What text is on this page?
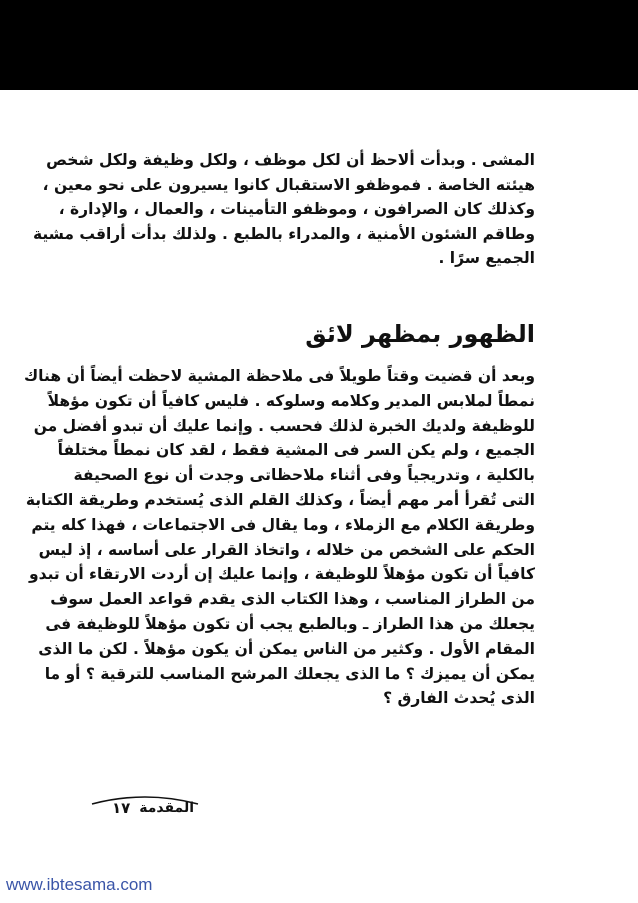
المشى . وبدأت ألاحظ أن لكل موظف ، ولكل وظيفة ولكل شخص
هيئته الخاصة . فموظفو الاستقبال كانوا يسيرون على نحو معين ،
وكذلك كان الصرافون ، وموظفو التأمينات ، والعمال ، والإدارة ،
وطاقم الشئون الأمنية ، والمدراء بالطبع . ولذلك بدأت أراقب مشية
الجميع سرًا .
الظهور بمظهر لائق
وبعد أن قضيت وقتاً طويلاً فى ملاحظة المشية لاحظت أيضاً أن هناك
نمطاً لملابس المدير وكلامه وسلوكه . فليس كافياً أن تكون مؤهلاً
للوظيفة ولديك الخبرة لذلك فحسب . وإنما عليك أن تبدو أفضل من
الجميع ، ولم يكن السر فى المشية فقط ، لقد كان نمطاً مختلفاً
بالكلية ، وتدريجياً وفى أثناء ملاحظاتى وجدت أن نوع الصحيفة
التى تُقرأ أمر مهم أيضاً ، وكذلك القلم الذى يُستخدم وطريقة الكتابة
وطريقة الكلام مع الزملاء ، وما يقال فى الاجتماعات ، فهذا كله يتم
الحكم على الشخص من خلاله ، واتخاذ القرار على أساسه ، إذ ليس
كافياً أن تكون مؤهلاً للوظيفة ، وإنما عليك إن أردت الارتقاء أن تبدو
من الطراز المناسب ، وهذا الكتاب الذى يقدم قواعد العمل سوف
يجعلك من هذا الطراز ـ وبالطبع يجب أن تكون مؤهلاً للوظيفة فى
المقام الأول . وكثير من الناس يمكن أن يكون مؤهلاً . لكن ما الذى
يمكن أن يميزك ؟ ما الذى يجعلك المرشح المناسب للترقية ؟ أو ما
الذى يُحدث الفارق ؟
المقدمة
١٧
www.ibtesama.com
